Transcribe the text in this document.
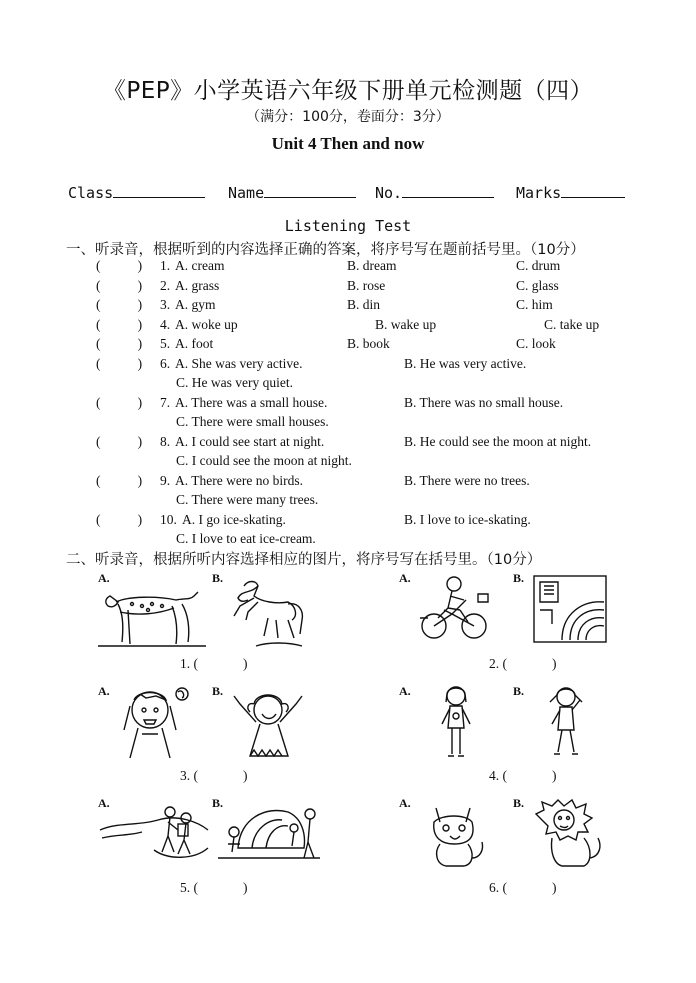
《PEP》小学英语六年级下册单元检测题（四）
（满分：100分，卷面分：3分）
Unit 4 Then and now
Class	Name	No.	Marks
Listening Test
一、听录音，根据听到的内容选择正确的答案，将序号写在题前括号里。（10分）
(           ) 1. A. cream	B. dream	C. drum
(           ) 2. A. grass	B. rose	C. glass
(           ) 3. A. gym	B. din	C. him
(           ) 4. A. woke up	B. wake up	C. take up
(           ) 5. A. foot	B. book	C. look
(           ) 6. A. She was very active.	B. He was very active.
C. He was very quiet.
(           ) 7. A. There was a small house.	B. There was no small house.
C. There were small houses.
(           ) 8. A. I could see start at night.	B. He could see the moon at night.
C. I could see the moon at night.
(           ) 9. A. There were no birds.	B. There were no trees.
C. There were many trees.
(           ) 10. A. I go ice-skating.	B. I love to ice-skating.
C. I love to eat ice-cream.
二、听录音，根据所听内容选择相应的图片，将序号写在括号里。（10分）
A.	B.	A.	B.
1. (	)	2. (	)
A.	B.	A.	B.
3. (	)	4. (	)
A.	B.	A.	B.
5. (	)	6. (	)
